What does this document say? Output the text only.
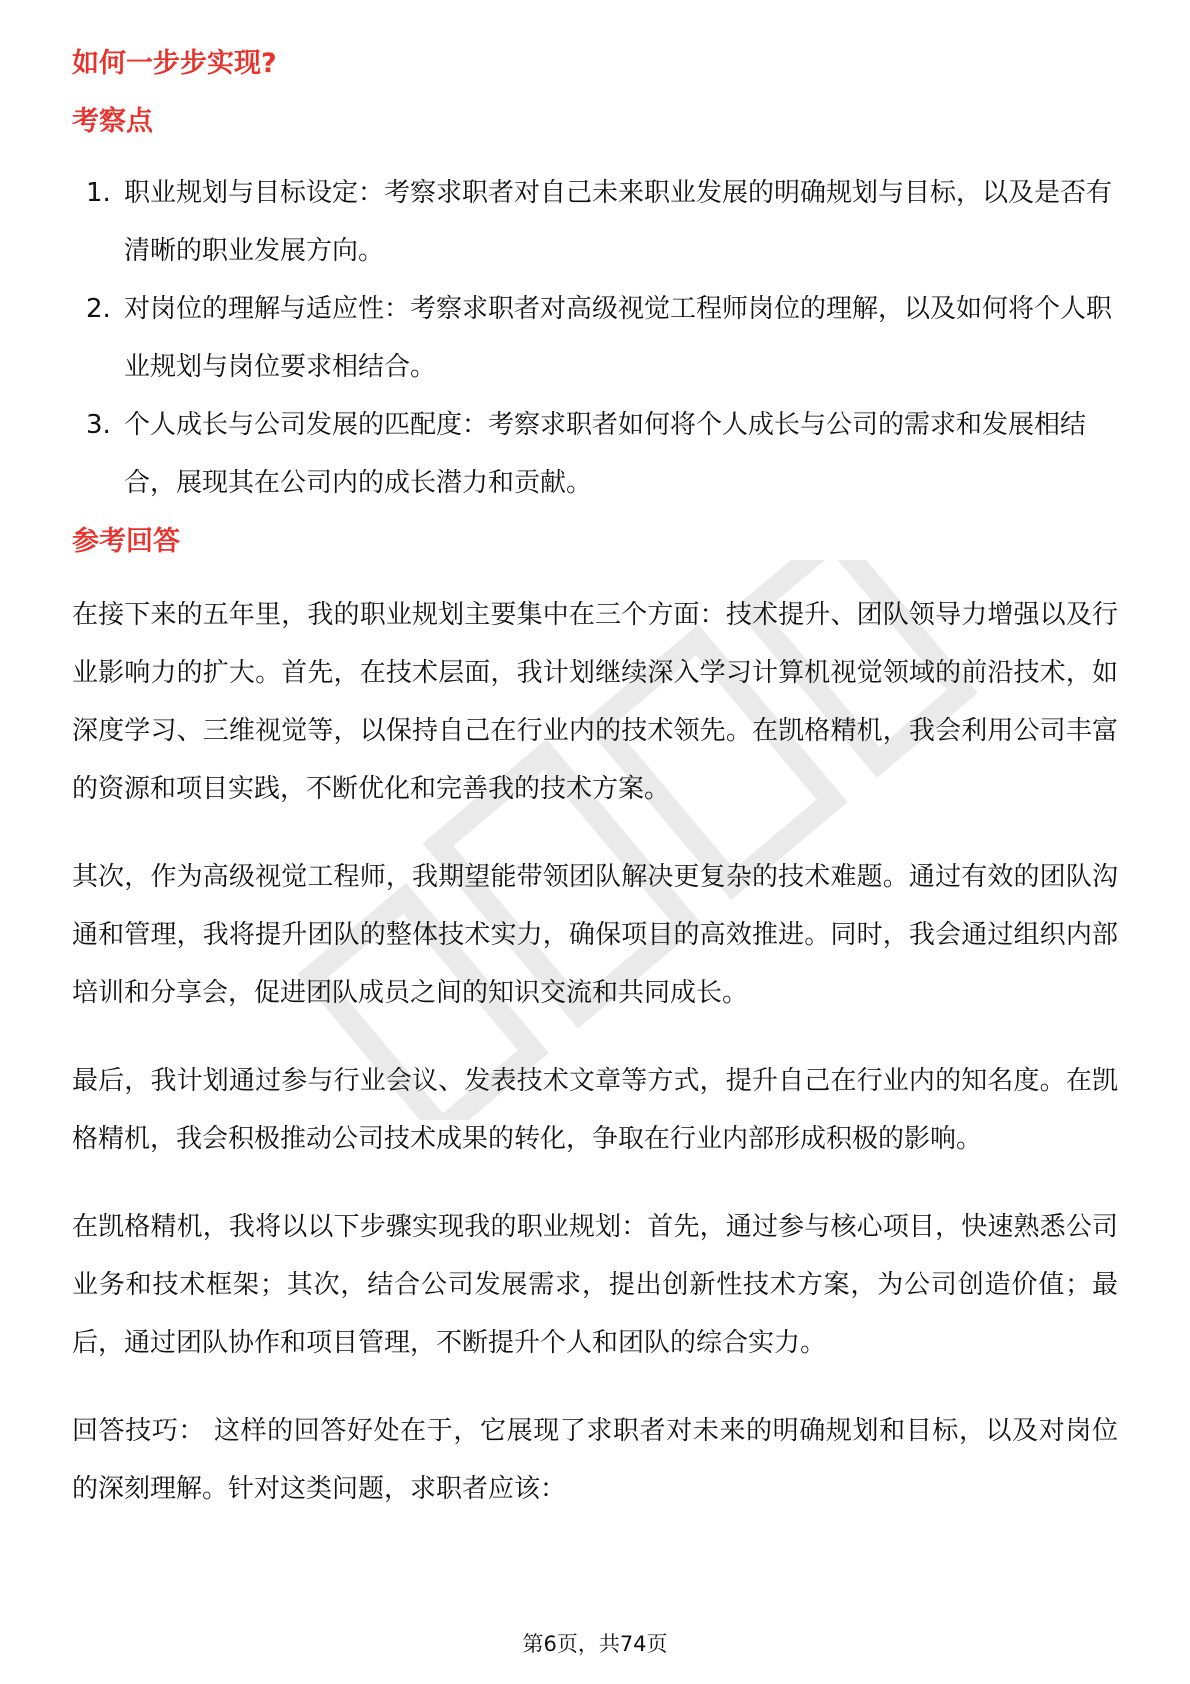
如何一步步实现?
考察点
1. 职业规划与目标设定：考察求职者对自己未来职业发展的明确规划与目标，以及是否有清晰的职业发展方向。
2. 对岗位的理解与适应性：考察求职者对高级视觉工程师岗位的理解，以及如何将个人职业规划与岗位要求相结合。
3. 个人成长与公司发展的匹配度：考察求职者如何将个人成长与公司的需求和发展相结合，展现其在公司内的成长潜力和贡献。
参考回答

在接下来的五年里，我的职业规划主要集中在三个方面：技术提升、团队领导力增强以及行业影响力的扩大。首先，在技术层面，我计划继续深入学习计算机视觉领域的前沿技术，如深度学习、三维视觉等，以保持自己在行业内的技术领先。在凯格精机，我会利用公司丰富的资源和项目实践，不断优化和完善我的技术方案。

其次，作为高级视觉工程师，我期望能带领团队解决更复杂的技术难题。通过有效的团队沟通和管理，我将提升团队的整体技术实力，确保项目的高效推进。同时，我会通过组织内部培训和分享会，促进团队成员之间的知识交流和共同成长。

最后，我计划通过参与行业会议、发表技术文章等方式，提升自己在行业内的知名度。在凯格精机，我会积极推动公司技术成果的转化，争取在行业内部形成积极的影响。

在凯格精机，我将以以下步骤实现我的职业规划：首先，通过参与核心项目，快速熟悉公司业务和技术框架；其次，结合公司发展需求，提出创新性技术方案，为公司创造价值；最后，通过团队协作和项目管理，不断提升个人和团队的综合实力。

回答技巧： 这样的回答好处在于，它展现了求职者对未来的明确规划和目标，以及对岗位的深刻理解。针对这类问题，求职者应该：

第6页，共74页
